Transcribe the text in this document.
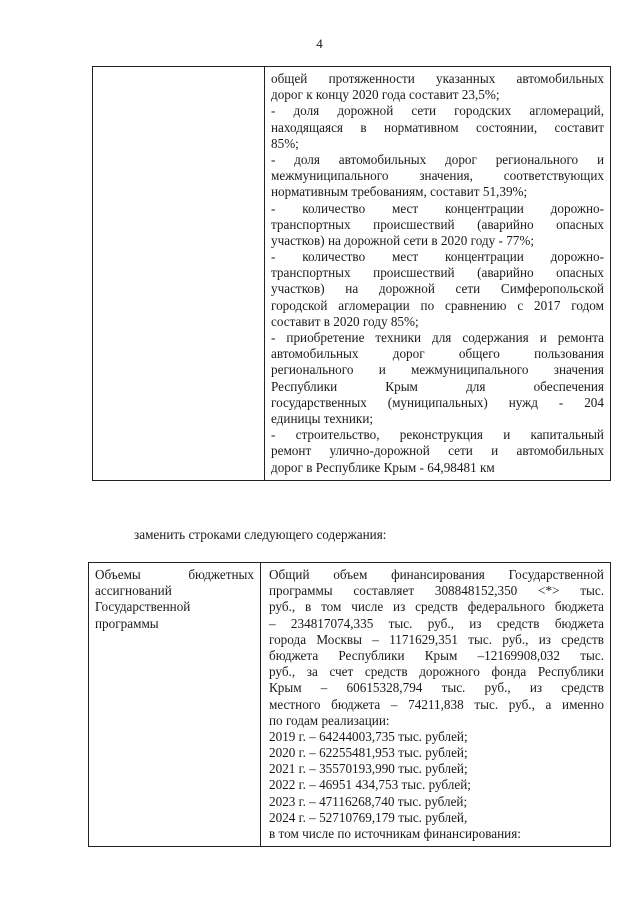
4

общей протяженности указанных автомобильных
дорог к концу 2020 года составит 23,5%;
- доля дорожной сети городских агломераций,
находящаяся в нормативном состоянии, составит
85%;
- доля автомобильных дорог регионального и
межмуниципального значения, соответствующих
нормативным требованиям, составит 51,39%;
- количество мест концентрации дорожно-
транспортных происшествий (аварийно опасных
участков) на дорожной сети в 2020 году - 77%;
- количество мест концентрации дорожно-
транспортных происшествий (аварийно опасных
участков) на дорожной сети Симферопольской
городской агломерации по сравнению с 2017 годом
составит в 2020 году 85%;
- приобретение техники для содержания и ремонта
автомобильных дорог общего пользования
регионального и межмуниципального значения
Республики Крым для обеспечения
государственных (муниципальных) нужд - 204
единицы техники;
- строительство, реконструкция и капитальный
ремонт улично-дорожной сети и автомобильных
дорог в Республике Крым - 64,98481 км
заменить строками следующего содержания:
Объемы бюджетных
ассигнований
Государственной
программы

Общий объем финансирования Государственной
программы составляет 308848152,350 <*> тыс.
руб., в том числе из средств федерального бюджета
– 234817074,335 тыс. руб., из средств бюджета
города Москвы – 1171629,351 тыс. руб., из средств
бюджета Республики Крым –12169908,032 тыс.
руб., за счет средств дорожного фонда Республики
Крым – 60615328,794 тыс. руб., из средств
местного бюджета – 74211,838 тыс. руб., а именно
по годам реализации:
2019 г. – 64244003,735 тыс. рублей;
2020 г. – 62255481,953 тыс. рублей;
2021 г. – 35570193,990 тыс. рублей;
2022 г. – 46951 434,753 тыс. рублей;
2023 г. – 47116268,740 тыс. рублей;
2024 г. – 52710769,179 тыс. рублей,
в том числе по источникам финансирования:
